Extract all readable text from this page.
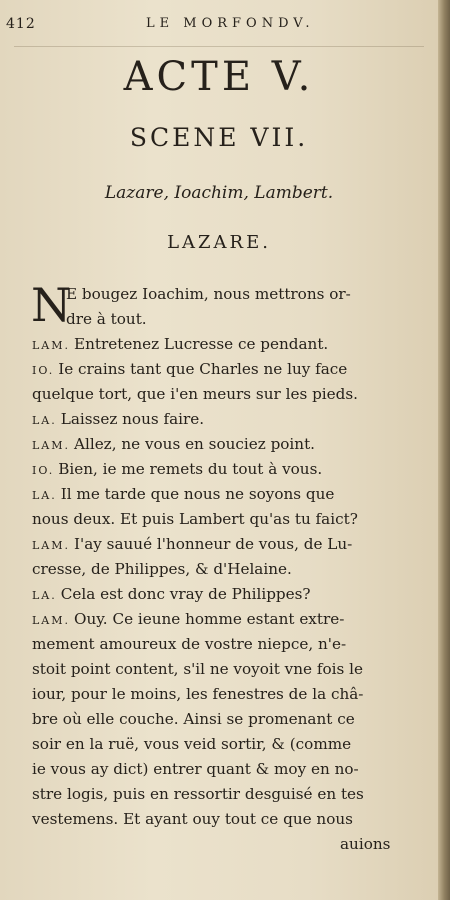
412	LE MORFONDV.
ACTE V.
SCENE VII.
Lazare, Ioachim, Lambert.
LAZARE.
N
E bougez Ioachim, nous mettrons or-
dre à tout.
LAM. Entretenez Lucresse ce pendant.
IO. Ie crains tant que Charles ne luy face
quelque tort, que i'en meurs sur les pieds.
LA. Laissez nous faire.
LAM. Allez, ne vous en souciez point.
IO. Bien, ie me remets du tout à vous.
LA. Il me tarde que nous ne soyons que
nous deux. Et puis Lambert qu'as tu faict?
LAM. I'ay sauué l'honneur de vous, de Lu-
cresse, de Philippes, & d'Helaine.
LA. Cela est donc vray de Philippes?
LAM. Ouy. Ce ieune homme estant extre-
mement amoureux de vostre niepce, n'e-
stoit point content, s'il ne voyoit vne fois le
iour, pour le moins, les fenestres de la châ-
bre où elle couche. Ainsi se promenant ce
soir en la ruë, vous veid sortir, & (comme
ie vous ay dict) entrer quant & moy en no-
stre logis, puis en ressortir desguisé en tes
vestemens. Et ayant ouy tout ce que nous
auions
